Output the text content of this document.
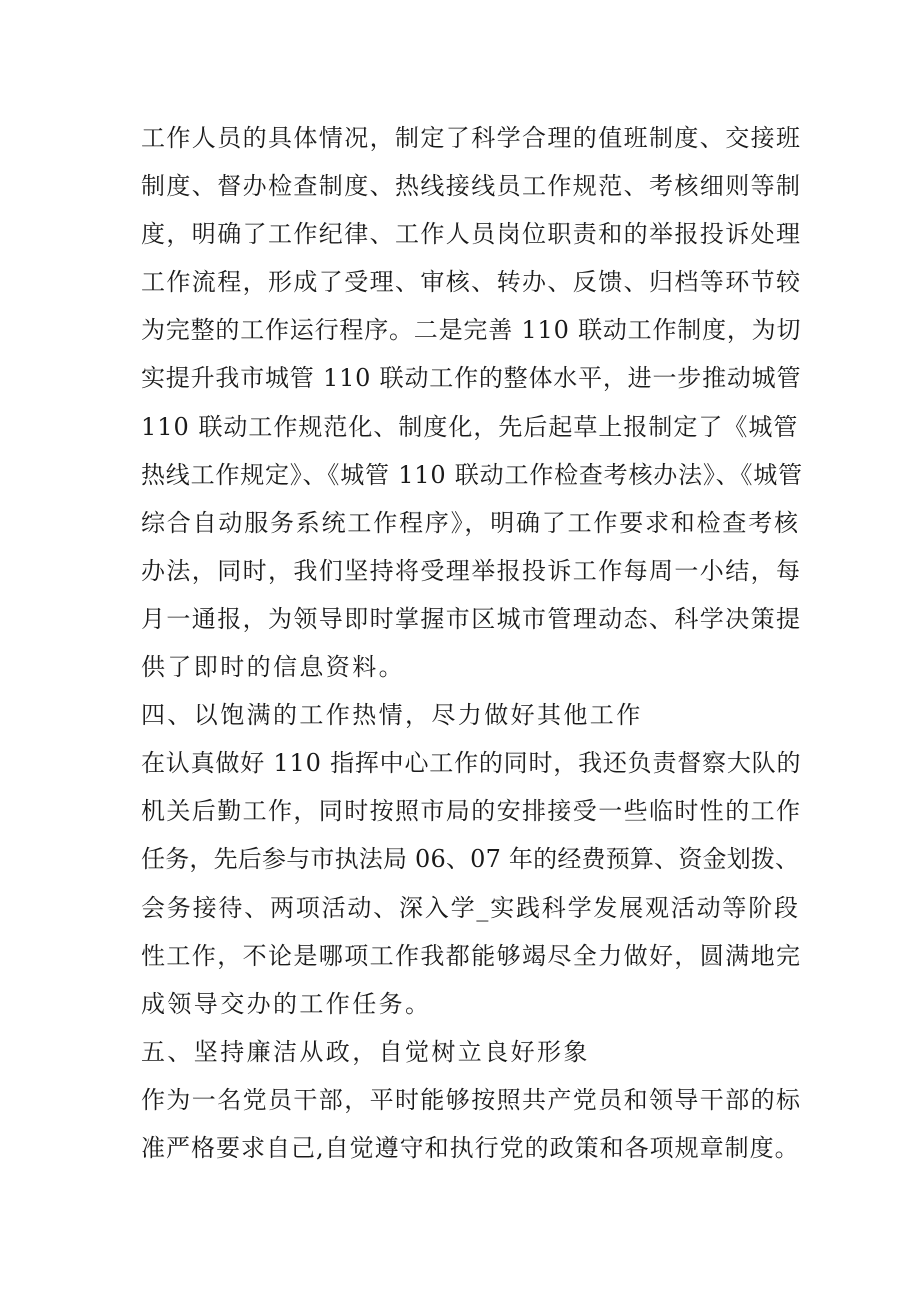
工作人员的具体情况，制定了科学合理的值班制度、交接班
制度、督办检查制度、热线接线员工作规范、考核细则等制
度，明确了工作纪律、工作人员岗位职责和的举报投诉处理
工作流程，形成了受理、审核、转办、反馈、归档等环节较
为完整的工作运行程序。二是完善 110 联动工作制度，为切
实提升我市城管 110 联动工作的整体水平，进一步推动城管
110 联动工作规范化、制度化，先后起草上报制定了《城管
热线工作规定》、《城管 110 联动工作检查考核办法》、《城管
综合自动服务系统工作程序》，明确了工作要求和检查考核
办法，同时，我们坚持将受理举报投诉工作每周一小结，每
月一通报，为领导即时掌握市区城市管理动态、科学决策提
供了即时的信息资料。
四、以饱满的工作热情，尽力做好其他工作
在认真做好 110 指挥中心工作的同时，我还负责督察大队的
机关后勤工作，同时按照市局的安排接受一些临时性的工作
任务，先后参与市执法局 06、07 年的经费预算、资金划拨、
会务接待、两项活动、深入学_实践科学发展观活动等阶段
性工作，不论是哪项工作我都能够竭尽全力做好，圆满地完
成领导交办的工作任务。
五、坚持廉洁从政，自觉树立良好形象
作为一名党员干部，平时能够按照共产党员和领导干部的标
准严格要求自己,自觉遵守和执行党的政策和各项规章制度。
